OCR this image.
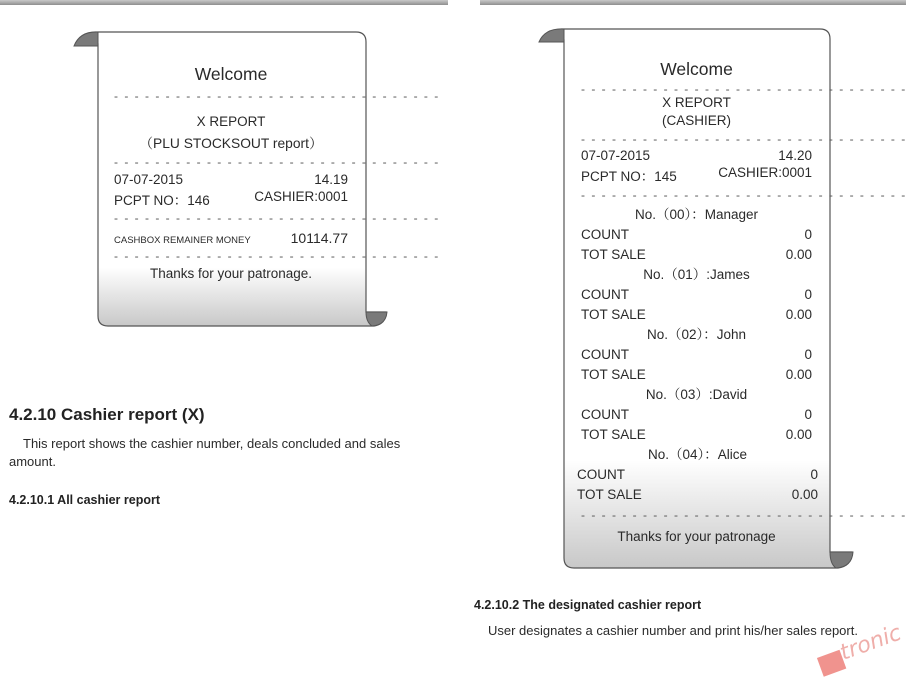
Welcome
- - - - - - - - - - - - - - - - - - - - - - - - - - - - - - - -
X REPORT
（PLU STOCKSOUT report）
- - - - - - - - - - - - - - - - - - - - - - - - - - - - - - - -
07-07-2015	14.19
PCPT NO：146	CASHIER:0001
- - - - - - - - - - - - - - - - - - - - - - - - - - - - - - - -
CASHBOX REMAINER MONEY	10114.77
- - - - - - - - - - - - - - - - - - - - - - - - - - - - - - - -
Thanks for your patronage.
Welcome
- - - - - - - - - - - - - - - - - - - - - - - - - - - - - - - -
X REPORT
(CASHIER)
- - - - - - - - - - - - - - - - - - - - - - - - - - - - - - - -
07-07-2015	14.20
PCPT NO：145	CASHIER:0001
- - - - - - - - - - - - - - - - - - - - - - - - - - - - - - - -
No.（00）：Manager
COUNT	0
TOT SALE	0.00
No.（01）:James
COUNT	0
TOT SALE	0.00
No.（02）：John
COUNT	0
TOT SALE	0.00
No.（03）:David
COUNT	0
TOT SALE	0.00
No.（04）：Alice
COUNT	0
TOT SALE	0.00
- - - - - - - - - - - - - - - - - - - - - - - - - - - - - - - -
Thanks for your patronage
4.2.10 Cashier report (X)
This report shows the cashier number, deals concluded and sales amount.
4.2.10.1 All cashier report
4.2.10.2 The designated cashier report
User designates a cashier number and print his/her sales report.
tronic
